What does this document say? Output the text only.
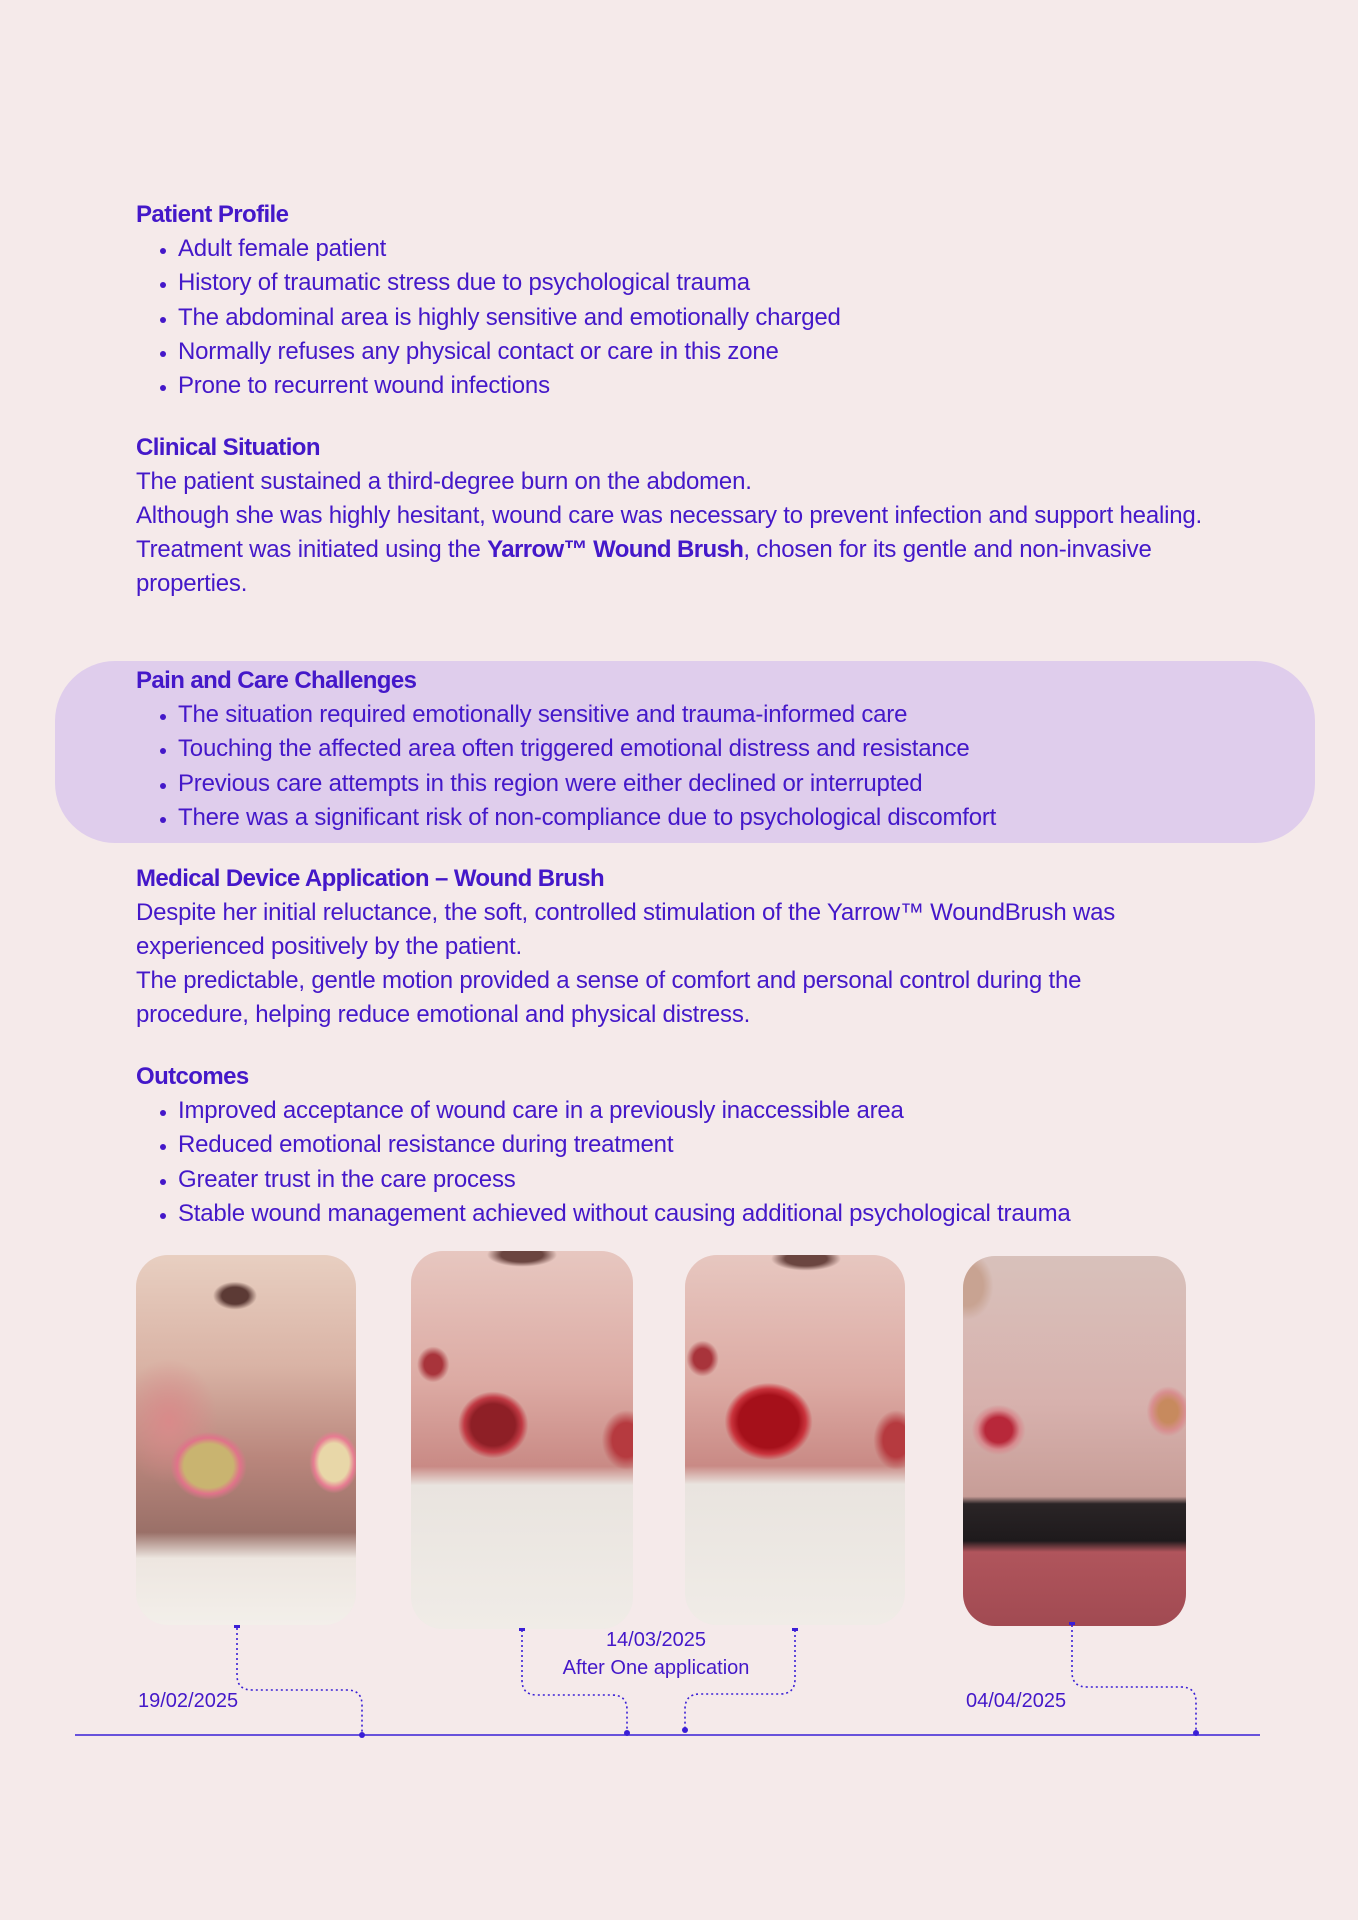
Patient Profile

• Adult female patient
• History of traumatic stress due to psychological trauma
• The abdominal area is highly sensitive and emotionally charged
• Normally refuses any physical contact or care in this zone
• Prone to recurrent wound infections

Clinical Situation

The patient sustained a third-degree burn on the abdomen.

Although she was highly hesitant, wound care was necessary to prevent infection and support healing.

Treatment was initiated using the Yarrow™ Wound Brush, chosen for its gentle and non-invasive properties.

Pain and Care Challenges

• The situation required emotionally sensitive and trauma-informed care
• Touching the affected area often triggered emotional distress and resistance
• Previous care attempts in this region were either declined or interrupted
• There was a significant risk of non-compliance due to psychological discomfort

Medical Device Application – Wound Brush

Despite her initial reluctance, the soft, controlled stimulation of the Yarrow™ WoundBrush was experienced positively by the patient.

The predictable, gentle motion provided a sense of comfort and personal control during the procedure, helping reduce emotional and physical distress.

Outcomes

• Improved acceptance of wound care in a previously inaccessible area
• Reduced emotional resistance during treatment
• Greater trust in the care process
• Stable wound management achieved without causing additional psychological trauma
19/02/2025
14/03/2025
After One application
04/04/2025
